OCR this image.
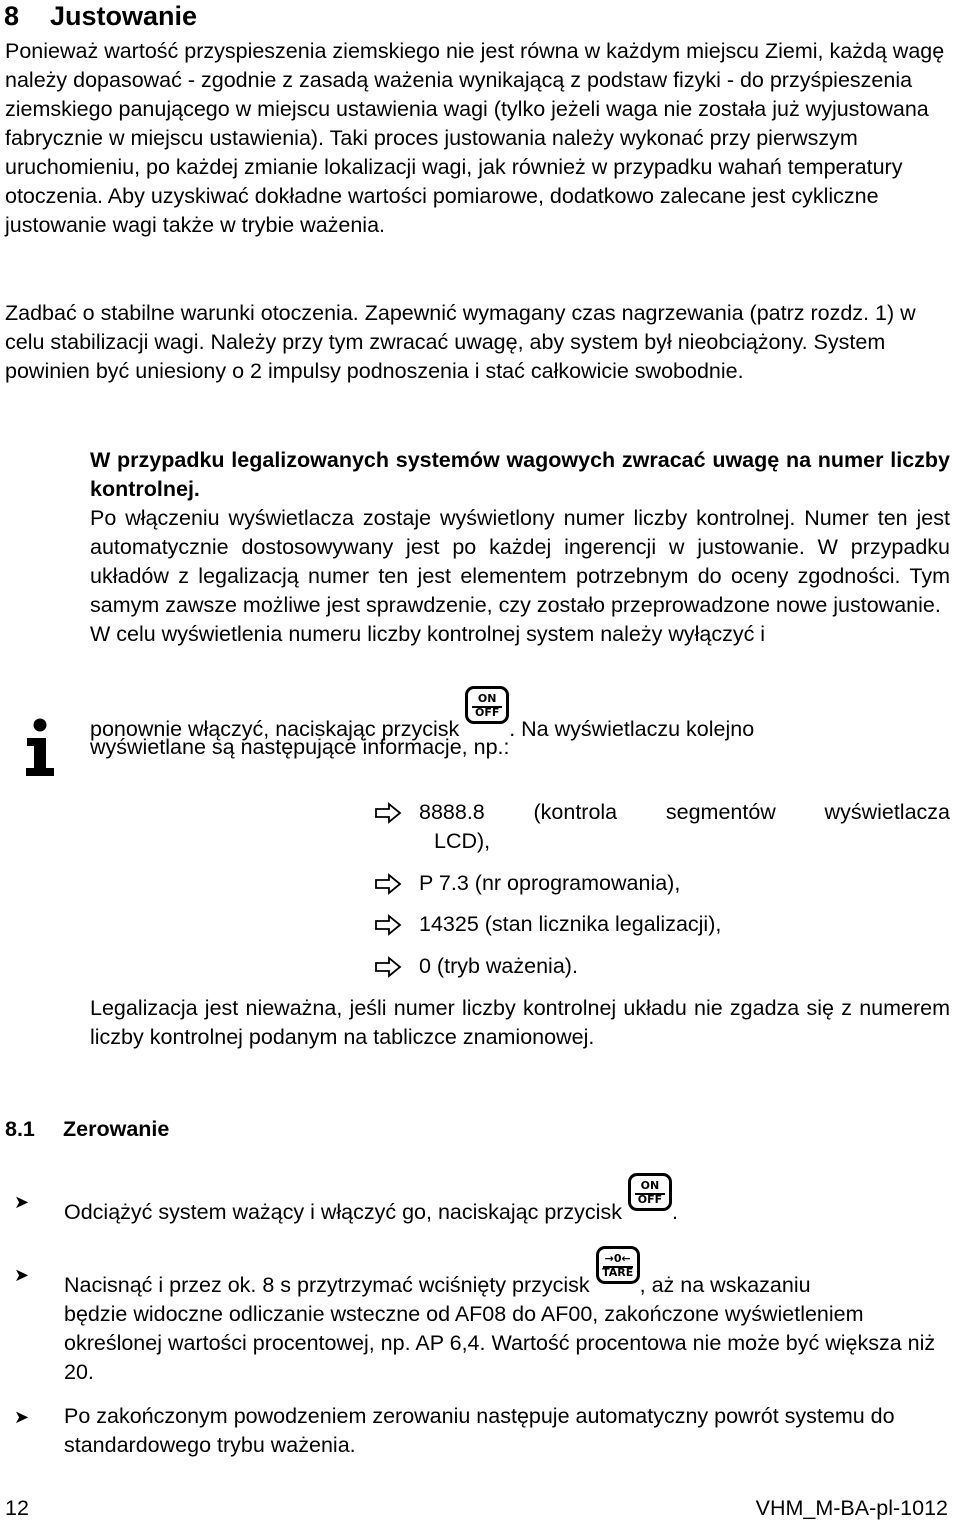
8 Justowanie

Ponieważ wartość przyspieszenia ziemskiego nie jest równa w każdym miejscu Ziemi, każdą wagę należy dopasować - zgodnie z zasadą ważenia wynikającą z podstaw fizyki - do przyśpieszenia ziemskiego panującego w miejscu ustawienia wagi (tylko jeżeli waga nie została już wyjustowana fabrycznie w miejscu ustawienia). Taki proces justowania należy wykonać przy pierwszym uruchomieniu, po każdej zmianie lokalizacji wagi, jak również w przypadku wahań temperatury otoczenia. Aby uzyskiwać dokładne wartości pomiarowe, dodatkowo zalecane jest cykliczne justowanie wagi także w trybie ważenia.

Zadbać o stabilne warunki otoczenia. Zapewnić wymagany czas nagrzewania (patrz rozdz. 1) w celu stabilizacji wagi. Należy przy tym zwracać uwagę, aby system był nieobciążony. System powinien być uniesiony o 2 impulsy podnoszenia i stać całkowicie swobodnie.

W przypadku legalizowanych systemów wagowych zwracać uwagę na numer liczby kontrolnej.

Po włączeniu wyświetlacza zostaje wyświetlony numer liczby kontrolnej. Numer ten jest automatycznie dostosowywany jest po każdej ingerencji w justowanie. W przypadku układów z legalizacją numer ten jest elementem potrzebnym do oceny zgodności. Tym samym zawsze możliwe jest sprawdzenie, czy zostało przeprowadzone nowe justowanie.

W celu wyświetlenia numeru liczby kontrolnej system należy wyłączyć i

ponownie włączyć, naciskając przycisk
ON
OFF
. Na wyświetlaczu kolejno
wyświetlane są następujące informacje, np.:
8888.8 (kontrola segmentów wyświetlacza
LCD),
P 7.3 (nr oprogramowania),
14325 (stan licznika legalizacji),
0 (tryb ważenia).

Legalizacja jest nieważna, jeśli numer liczby kontrolnej układu nie zgadza się z numerem liczby kontrolnej podanym na tabliczce znamionowej.

8.1 Zerowanie
➤ Odciążyć system ważący i włączyć go, naciskając przycisk
ON
OFF
.
➤ Nacisnąć i przez ok. 8 s przytrzymać wciśnięty przycisk
→0←
TARE
, aż na wskazaniu
będzie widoczne odliczanie wsteczne od AF08 do AF00, zakończone wyświetleniem określonej wartości procentowej, np. AP 6,4. Wartość procentowa nie może być większa niż 20.
➤ Po zakończonym powodzeniem zerowaniu następuje automatyczny powrót systemu do standardowego trybu ważenia.
12	VHM_M-BA-pl-1012
